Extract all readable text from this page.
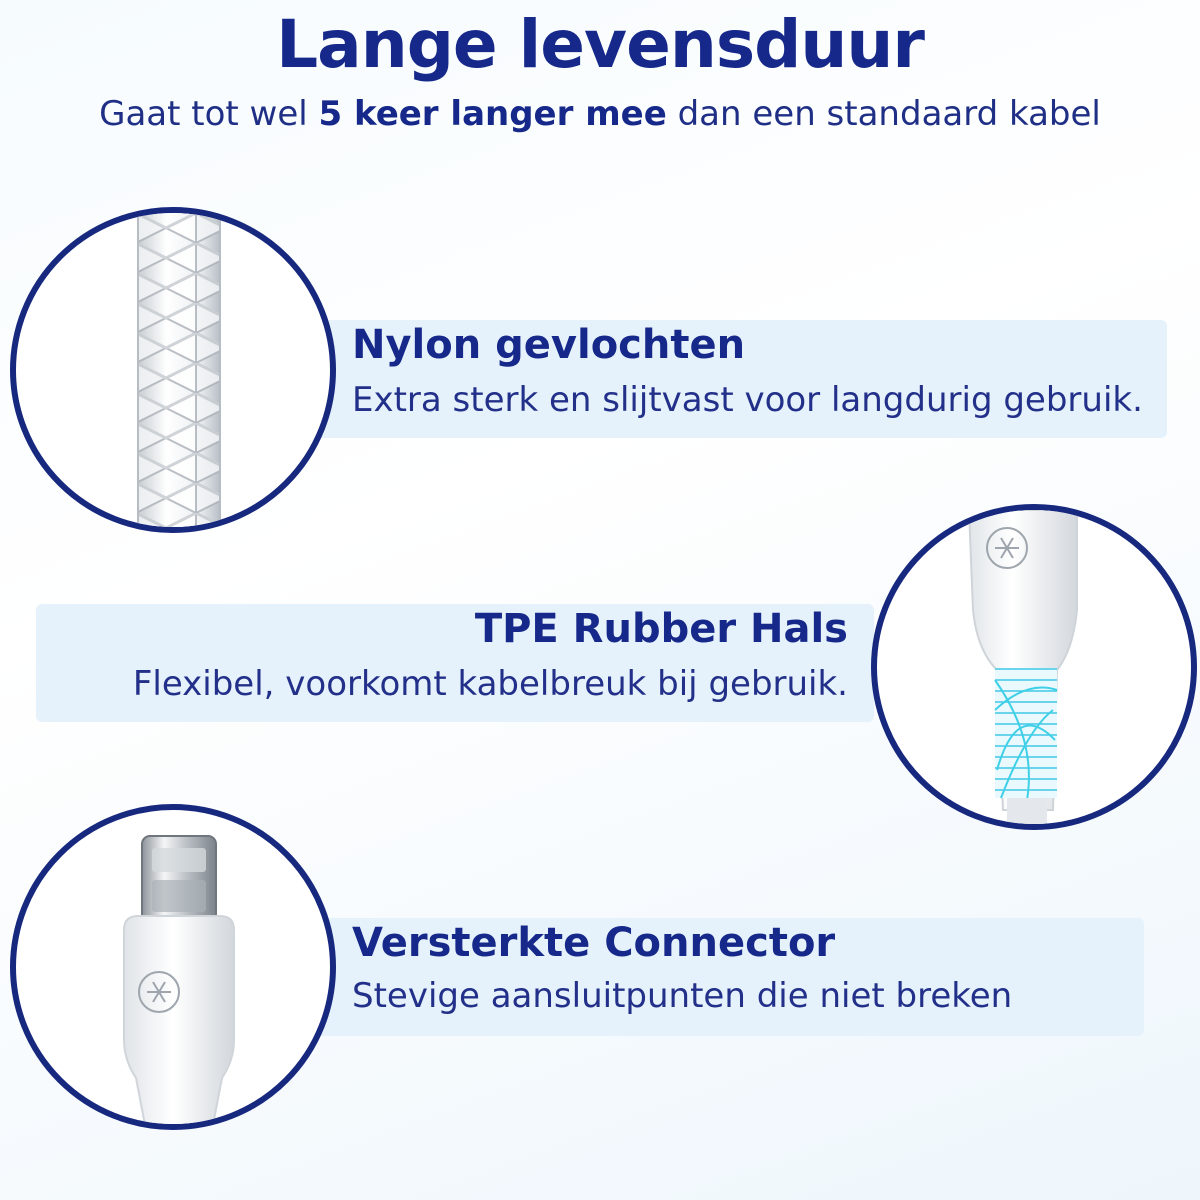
Lange levensduur

Gaat tot wel 5 keer langer mee dan een standaard kabel

Nylon gevlochten
Extra sterk en slijtvast voor langdurig gebruik.
TPE Rubber Hals
Flexibel, voorkomt kabelbreuk bij gebruik.
Versterkte Connector
Stevige aansluitpunten die niet breken
